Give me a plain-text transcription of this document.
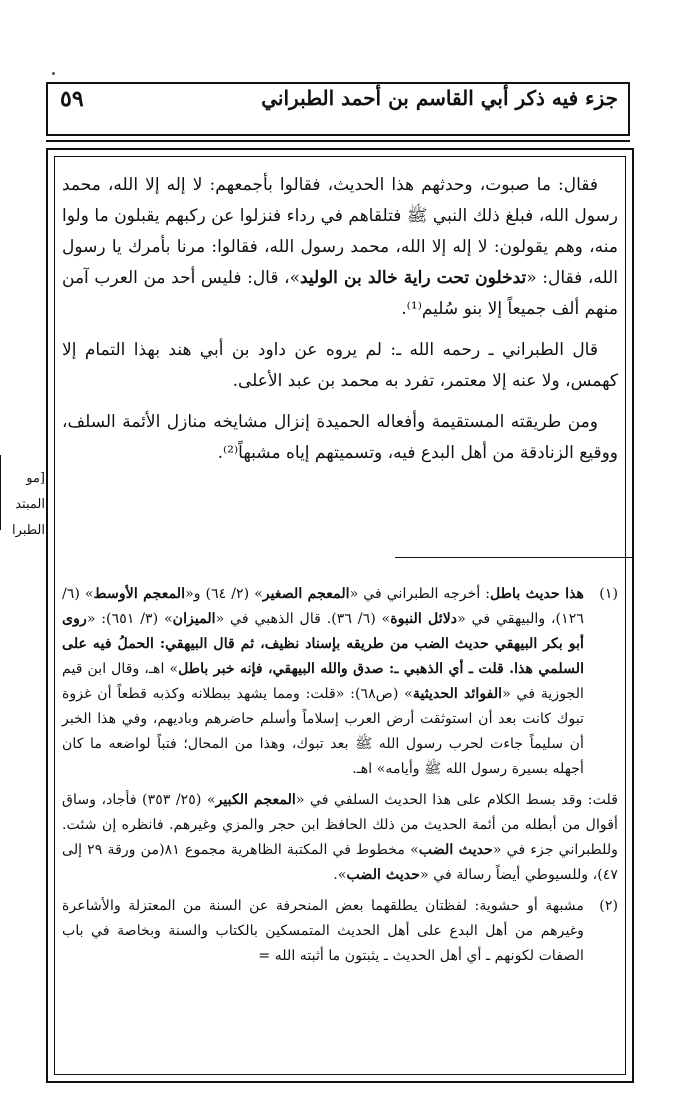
جزء فيه ذكر أبي القاسم بن أحمد الطبراني
٥٩

فقال: ما صبوت، وحدثهم هذا الحديث، فقالوا بأجمعهم: لا إله إلا الله، محمد رسول الله، فبلغ ذلك النبي ﷺ فتلقاهم في رداء فنزلوا عن ركبهم يقبلون ما ولوا منه، وهم يقولون: لا إله إلا الله، محمد رسول الله، فقالوا: مرنا بأمرك يا رسول الله، فقال: «تدخلون تحت راية خالد بن الوليد»، قال: فليس أحد من العرب آمن منهم ألف جميعاً إلا بنو سُليم⁽¹⁾.

قال الطبراني ـ رحمه الله ـ: لم يروه عن داود بن أبي هند بهذا التمام إلا كهمس، ولا عنه إلا معتمر، تفرد به محمد بن عبد الأعلى.

ومن طريقته المستقيمة وأفعاله الحميدة إنزال مشايخه منازل الأئمة السلف، ووقيع الزنادقة من أهل البدع فيه، وتسميتهم إياه مشبهاً⁽²⁾.

[مو
المبتد
الطبرا
(١)
هذا حديث باطل: أخرجه الطبراني في «المعجم الصغير» (٢/ ٦٤) و«المعجم الأوسط» (٦/ ١٢٦)، والبيهقي في «دلائل النبوة» (٦/ ٣٦). قال الذهبي في «الميزان» (٣/ ٦٥١): «روى أبو بكر البيهقي حديث الضب من طريقه بإسناد نظيف، ثم قال البيهقي: الحملُ فيه على السلمي هذا. قلت ـ أي الذهبي ـ: صدق والله البيهقي، فإنه خبر باطل» اهـ، وقال ابن قيم الجوزية في «الفوائد الحديثية» (ص٦٨): «قلت: ومما يشهد ببطلانه وكذبه قطعاً أن غزوة تبوك كانت بعد أن استوثقت أرض العرب إسلاماً وأسلم حاضرهم وباديهم، وفي هذا الخبر أن سليماً جاءت لحرب رسول الله ﷺ بعد تبوك، وهذا من المحال؛ فتباً لواضعه ما كان أجهله بسيرة رسول الله ﷺ وأيامه» اهـ.
قلت: وقد بسط الكلام على هذا الحديث السلفي في «المعجم الكبير» (٢٥/ ٣٥٣) فأجاد، وساق أقوال من أبطله من أئمة الحديث من ذلك الحافظ ابن حجر والمزي وغيرهم. فانظره إن شئت. وللطبراني جزء في «حديث الضب» مخطوط في المكتبة الظاهرية مجموع ٨١(من ورقة ٢٩ إلى ٤٧)، وللسيوطي أيضاً رسالة في «حديث الضب».
(٢)
مشبهة أو حشوية: لفظتان يطلقهما بعض المنحرفة عن السنة من المعتزلة والأشاعرة وغيرهم من أهل البدع على أهل الحديث المتمسكين بالكتاب والسنة وبخاصة في باب الصفات لكونهم ـ أي أهل الحديث ـ يثبتون ما أثبته الله =
